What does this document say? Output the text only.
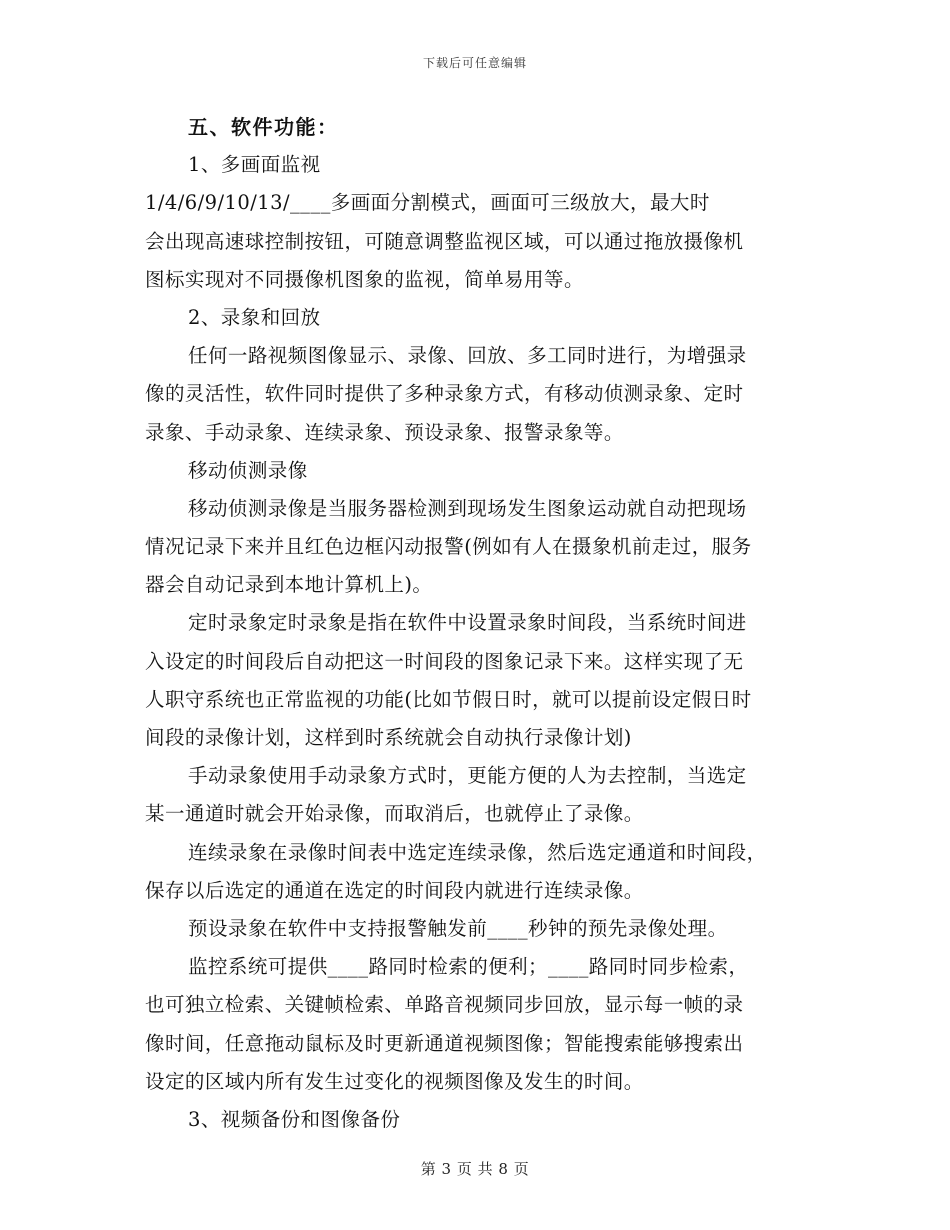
下载后可任意编辑
五、软件功能：
1、多画面监视
1/4/6/9/10/13/____多画面分割模式，画面可三级放大，最大时
会出现高速球控制按钮，可随意调整监视区域，可以通过拖放摄像机
图标实现对不同摄像机图象的监视，简单易用等。
2、录象和回放
任何一路视频图像显示、录像、回放、多工同时进行，为增强录
像的灵活性，软件同时提供了多种录象方式，有移动侦测录象、定时
录象、手动录象、连续录象、预设录象、报警录象等。
移动侦测录像
移动侦测录像是当服务器检测到现场发生图象运动就自动把现场
情况记录下来并且红色边框闪动报警(例如有人在摄象机前走过，服务
器会自动记录到本地计算机上)。
定时录象定时录象是指在软件中设置录象时间段，当系统时间进
入设定的时间段后自动把这一时间段的图象记录下来。这样实现了无
人职守系统也正常监视的功能(比如节假日时，就可以提前设定假日时
间段的录像计划，这样到时系统就会自动执行录像计划)
手动录象使用手动录象方式时，更能方便的人为去控制，当选定
某一通道时就会开始录像，而取消后，也就停止了录像。
连续录象在录像时间表中选定连续录像，然后选定通道和时间段，
保存以后选定的通道在选定的时间段内就进行连续录像。
预设录象在软件中支持报警触发前____秒钟的预先录像处理。
监控系统可提供____路同时检索的便利；____路同时同步检索，
也可独立检索、关键帧检索、单路音视频同步回放，显示每一帧的录
像时间，任意拖动鼠标及时更新通道视频图像；智能搜索能够搜索出
设定的区域内所有发生过变化的视频图像及发生的时间。
3、视频备份和图像备份
第 3 页 共 8 页
